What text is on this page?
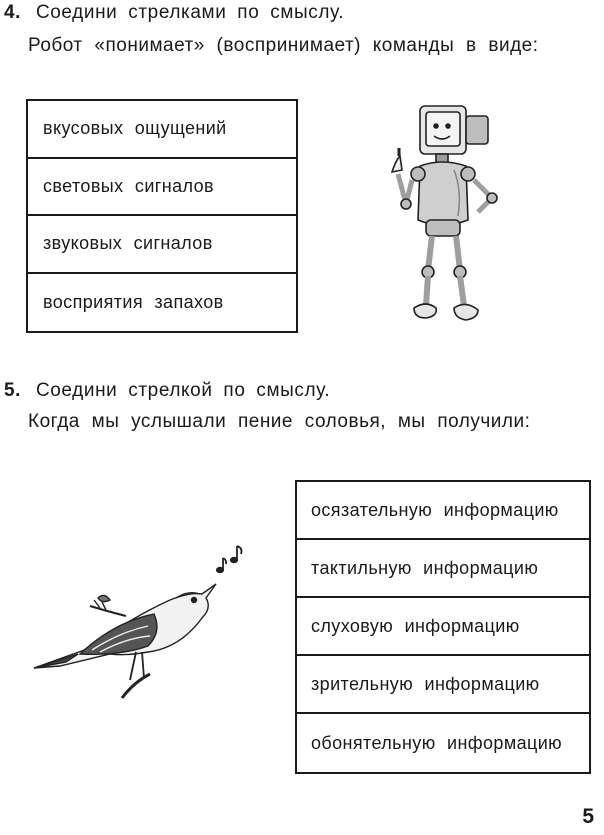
4. Соедини стрелками по смыслу.
Робот «понимает» (воспринимает) команды в виде:
вкусовых ощущений
световых сигналов
звуковых сигналов
восприятия запахов
5. Соедини стрелкой по смыслу.
Когда мы услышали пение соловья, мы получили:
осязательную информацию
тактильную информацию
слуховую информацию
зрительную информацию
обонятельную информацию
5
